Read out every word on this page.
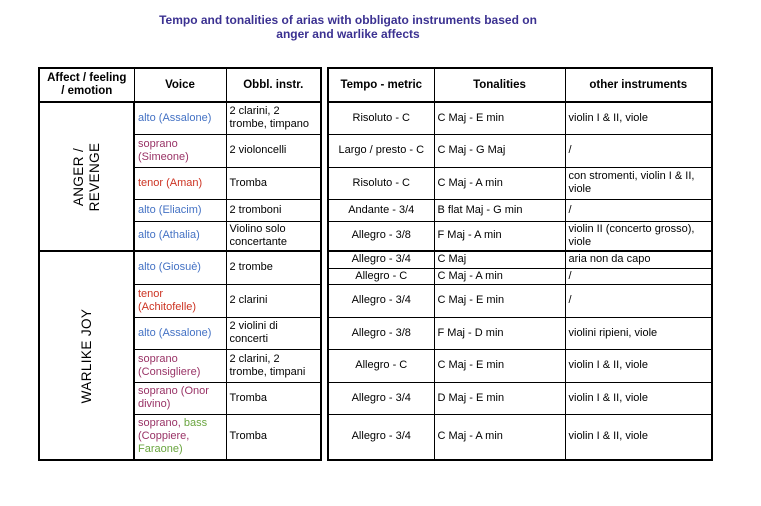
Tempo and tonalities of arias with obbligato instruments based on
anger and warlike affects
Affect / feeling / emotion	Voice	Obbl. instr.

ANGER / REVENGE	alto (Assalone)	2 clarini, 2 trombe, timpano
	soprano (Simeone)	2 violoncelli
	tenor (Aman)	Tromba
	alto (Eliacim)	2 tromboni
	alto (Athalia)	Violino solo concertante

WARLIKE JOY	alto (Giosuè)	2 trombe
	tenor (Achitofelle)	2 clarini
	alto (Assalone)	2 violini di concerti
	soprano (Consigliere)	2 clarini, 2 trombe, timpani
	soprano (Onor divino)	Tromba
	soprano, bass (Coppiere, Faraone)	Tromba
Tempo - metric	Tonalities	other instruments
Risoluto - C	C Maj - E min	violin I & II, viole
Largo / presto - C	C Maj - G Maj	/
Risoluto - C	C Maj - A min	con stromenti, violin I & II, viole
Andante - 3/4	B flat Maj - G min	/
Allegro - 3/8	F Maj - A min	violin II (concerto grosso), viole
Allegro - 3/4	C Maj	aria non da capo
Allegro - C	C Maj - A min	/
Allegro - 3/4	C Maj - E min	/
Allegro - 3/8	F Maj - D min	violini ripieni, viole
Allegro - C	C Maj - E min	violin I & II, viole
Allegro - 3/4	D Maj - E min	violin I & II, viole
Allegro - 3/4	C Maj - A min	violin I & II, viole
